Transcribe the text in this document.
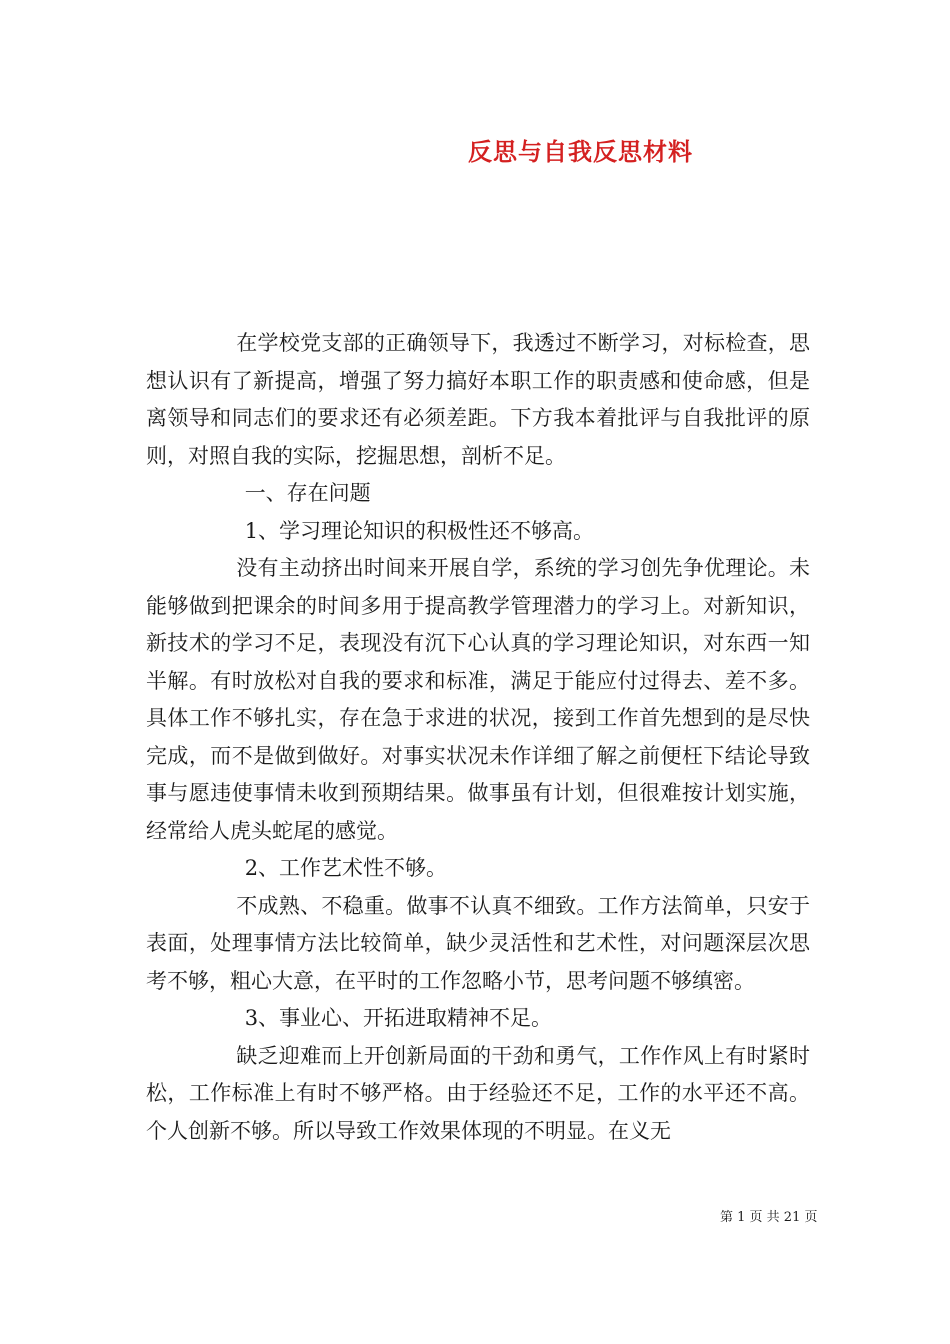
反思与自我反思材料

在学校党支部的正确领导下，我透过不断学习，对标检查，思想认识有了新提高，增强了努力搞好本职工作的职责感和使命感，但是离领导和同志们的要求还有必须差距。下方我本着批评与自我批评的原则，对照自我的实际，挖掘思想，剖析不足。

一、存在问题

1、学习理论知识的积极性还不够高。

没有主动挤出时间来开展自学，系统的学习创先争优理论。未能够做到把课余的时间多用于提高教学管理潜力的学习上。对新知识，新技术的学习不足，表现没有沉下心认真的学习理论知识，对东西一知半解。有时放松对自我的要求和标准，满足于能应付过得去、差不多。具体工作不够扎实，存在急于求进的状况，接到工作首先想到的是尽快完成，而不是做到做好。对事实状况未作详细了解之前便枉下结论导致事与愿违使事情未收到预期结果。做事虽有计划，但很难按计划实施，经常给人虎头蛇尾的感觉。

2、工作艺术性不够。

不成熟、不稳重。做事不认真不细致。工作方法简单，只安于表面，处理事情方法比较简单，缺少灵活性和艺术性，对问题深层次思考不够，粗心大意，在平时的工作忽略小节，思考问题不够缜密。

3、事业心、开拓进取精神不足。

缺乏迎难而上开创新局面的干劲和勇气，工作作风上有时紧时松，工作标准上有时不够严格。由于经验还不足，工作的水平还不高。个人创新不够。所以导致工作效果体现的不明显。在义无

第 1 页 共 21 页
